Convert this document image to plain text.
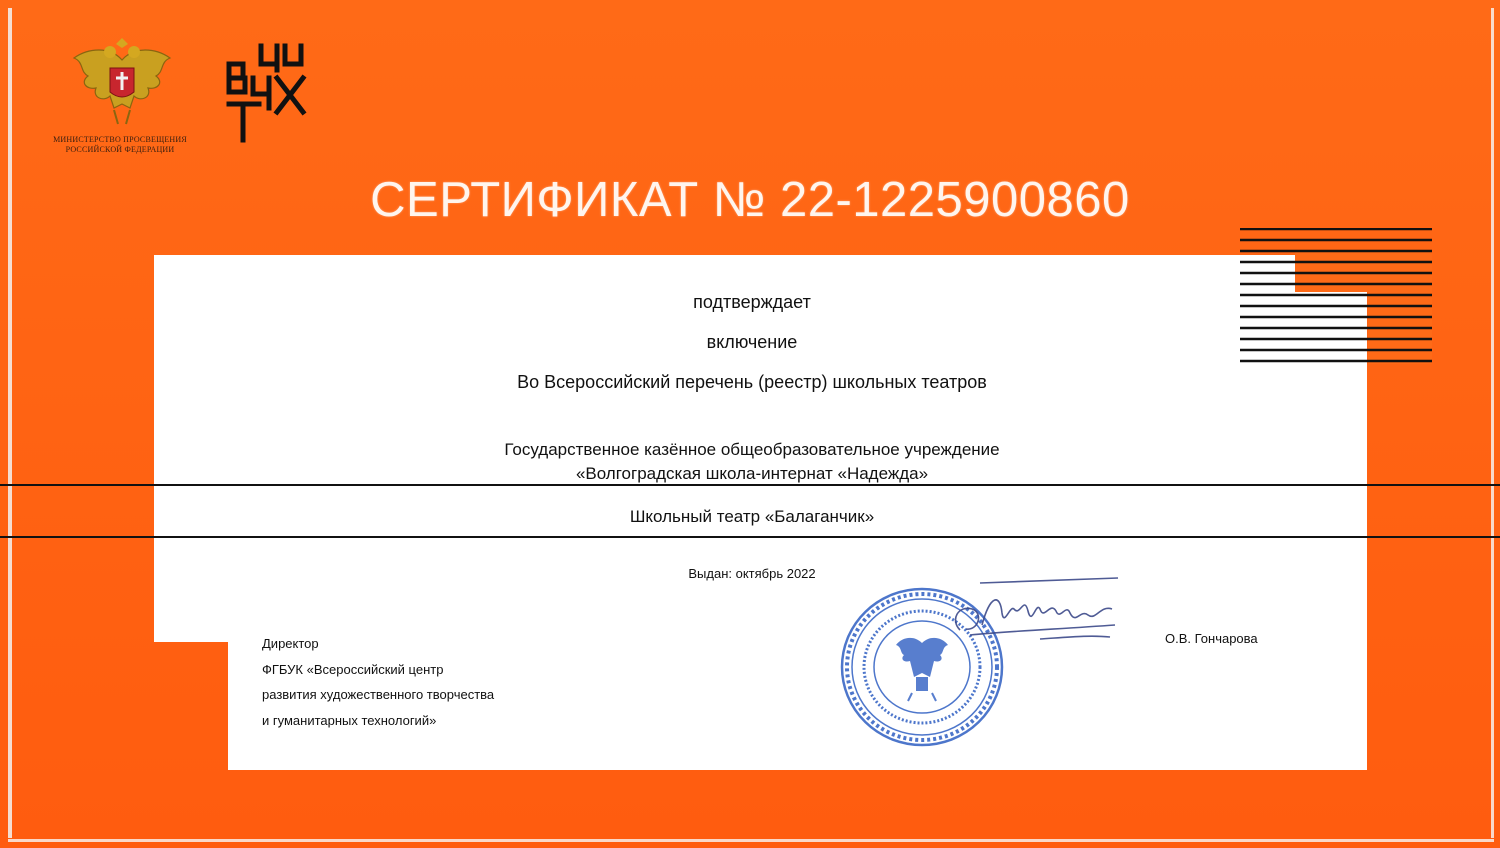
МИНИСТЕРСТВО ПРОСВЕЩЕНИЯ
РОССИЙСКОЙ ФЕДЕРАЦИИ
СЕРТИФИКАТ № 22-1225900860
подтверждает
включение
Во Всероссийский перечень (реестр) школьных театров
Государственное казённое общеобразовательное учреждение
«Волгоградская школа-интернат «Надежда»
Школьный театр «Балаганчик»
Выдан: октябрь 2022
Директор
ФГБУК «Всероссийский центр
развития художественного творчества
и гуманитарных технологий»
О.В. Гончарова
